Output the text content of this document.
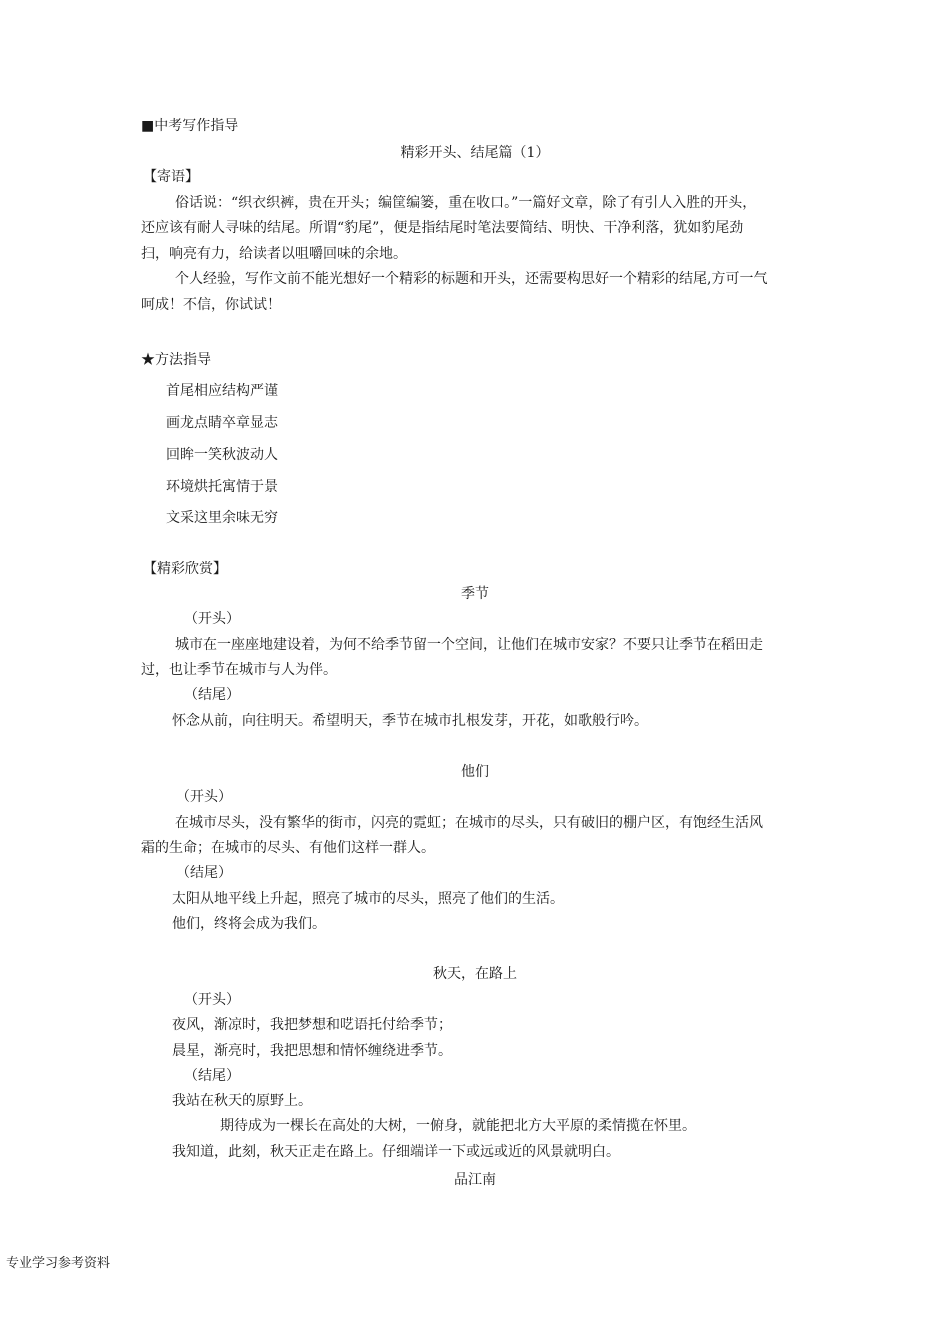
■中考写作指导
精彩开头、结尾篇（1）
【寄语】
俗话说：“织衣织裤，贵在开头；编筐编篓，重在收口。”一篇好文章，除了有引人入胜的开头，
还应该有耐人寻味的结尾。所谓“豹尾”，便是指结尾时笔法要简结、明快、干净利落，犹如豹尾劲
扫，响亮有力，给读者以咀嚼回味的余地。
个人经验，写作文前不能光想好一个精彩的标题和开头，还需要构思好一个精彩的结尾,方可一气
呵成！不信，你试试！
★方法指导
首尾相应结构严谨
画龙点睛卒章显志
回眸一笑秋波动人
环境烘托寓情于景
文采这里余味无穷
【精彩欣赏】
季节
（开头）
城市在一座座地建设着，为何不给季节留一个空间，让他们在城市安家？不要只让季节在稻田走
过，也让季节在城市与人为伴。
（结尾）
怀念从前，向往明天。希望明天，季节在城市扎根发芽，开花，如歌般行吟。
他们
（开头）
在城市尽头，没有繁华的街市，闪亮的霓虹；在城市的尽头，只有破旧的棚户区，有饱经生活风
霜的生命；在城市的尽头、有他们这样一群人。
（结尾）
太阳从地平线上升起，照亮了城市的尽头，照亮了他们的生活。
他们，终将会成为我们。
秋天，在路上
（开头）
夜风，渐凉时，我把梦想和呓语托付给季节；
晨星，渐亮时，我把思想和情怀缠绕进季节。
（结尾）
我站在秋天的原野上。
期待成为一棵长在高处的大树，一俯身，就能把北方大平原的柔情揽在怀里。
我知道，此刻，秋天正走在路上。仔细端详一下或远或近的风景就明白。
品江南
专业学习参考资料
